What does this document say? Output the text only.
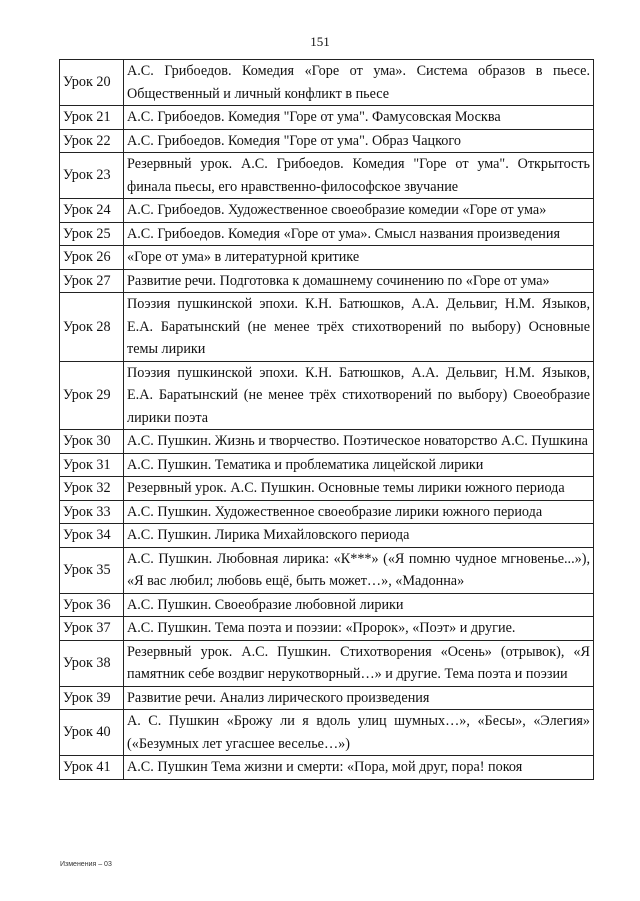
151
Урок 20	А.С. Грибоедов. Комедия «Горе от ума». Система образов в пьесе. Общественный и личный конфликт в пьесе
Урок 21	А.С. Грибоедов. Комедия "Горе от ума". Фамусовская Москва
Урок 22	А.С. Грибоедов. Комедия "Горе от ума". Образ Чацкого
Урок 23	Резервный урок. А.С. Грибоедов. Комедия "Горе от ума". Открытость финала пьесы, его нравственно-философское звучание
Урок 24	А.С. Грибоедов. Художественное своеобразие комедии «Горе от ума»
Урок 25	А.С. Грибоедов. Комедия «Горе от ума». Смысл названия произведения
Урок 26	«Горе от ума» в литературной критике
Урок 27	Развитие речи. Подготовка к домашнему сочинению по «Горе от ума»
Урок 28	Поэзия пушкинской эпохи. К.Н. Батюшков, А.А. Дельвиг, Н.М. Языков, Е.А. Баратынский (не менее трёх стихотворений по выбору) Основные темы лирики
Урок 29	Поэзия пушкинской эпохи. К.Н. Батюшков, А.А. Дельвиг, Н.М. Языков, Е.А. Баратынский (не менее трёх стихотворений по выбору) Своеобразие лирики поэта
Урок 30	А.С. Пушкин. Жизнь и творчество. Поэтическое новаторство А.С. Пушкина
Урок 31	А.С. Пушкин. Тематика и проблематика лицейской лирики
Урок 32	Резервный урок. А.С. Пушкин. Основные темы лирики южного периода
Урок 33	А.С. Пушкин. Художественное своеобразие лирики южного периода
Урок 34	А.С. Пушкин. Лирика Михайловского периода
Урок 35	А.С. Пушкин. Любовная лирика: «К***» («Я помню чудное мгновенье...»), «Я вас любил; любовь ещё, быть может…», «Мадонна»
Урок 36	А.С. Пушкин. Своеобразие любовной лирики
Урок 37	А.С. Пушкин. Тема поэта и поэзии: «Пророк», «Поэт» и другие.
Урок 38	Резервный урок. А.С. Пушкин. Стихотворения «Осень» (отрывок), «Я памятник себе воздвиг нерукотворный…» и другие. Тема поэта и поэзии
Урок 39	Развитие речи. Анализ лирического произведения
Урок 40	А. С. Пушкин «Брожу ли я вдоль улиц шумных…», «Бесы», «Элегия» («Безумных лет угасшее веселье…»)
Урок 41	А.С. Пушкин Тема жизни и смерти: «Пора, мой друг, пора! покоя
Изменения – 03
